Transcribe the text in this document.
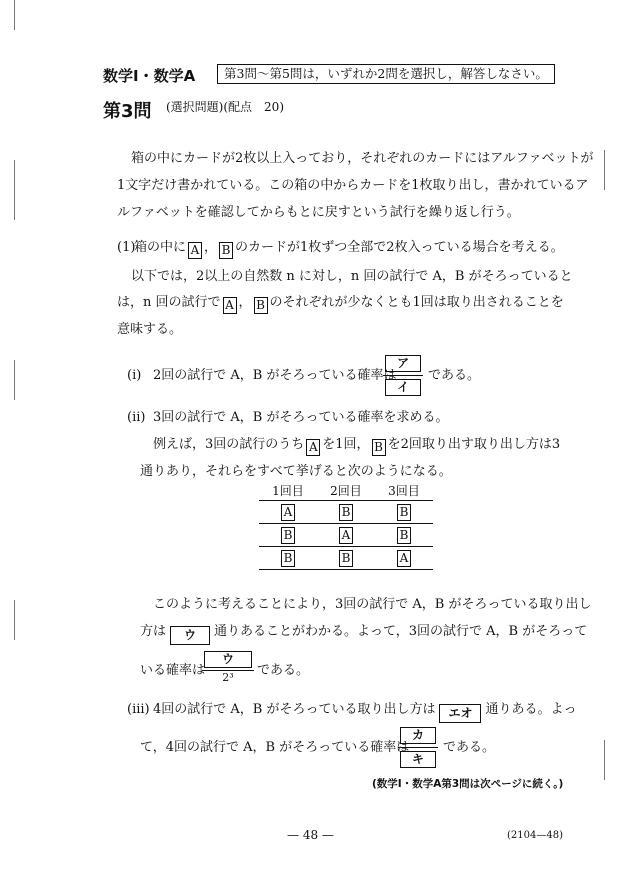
数学Ⅰ・数学A	第3問～第5問は，いずれか2問を選択し，解答しなさい。
第3問 (選択問題)(配点　20)
箱の中にカードが2枚以上入っており，それぞれのカードにはアルファベットが
1文字だけ書かれている。この箱の中からカードを1枚取り出し，書かれているア
ルファベットを確認してからもとに戻すという試行を繰り返し行う。
(1)
箱の中に A ， B のカードが1枚ずつ全部で2枚入っている場合を考える。
以下では，2以上の自然数 n に対し，n 回の試行で A，B がそろっていると
は，n 回の試行で A ， B のそれぞれが少なくとも1回は取り出されることを
意味する。
(i) 2回の試行で A，B がそろっている確率は
ア
イ
である。
(ii) 3回の試行で A，B がそろっている確率を求める。
例えば，3回の試行のうち A を1回， B を2回取り出す取り出し方は3
通りあり，それらをすべて挙げると次のようになる。
1回目	2回目	3回目
A	B	B
B	A	B
B	B	A
このように考えることにより，3回の試行で A，B がそろっている取り出し
方は ウ 通りあることがわかる。よって，3回の試行で A，B がそろって
いる確率は
ウ
2³	である。
(iii) 4回の試行で A，B がそろっている取り出し方は エオ 通りある。よっ
て，4回の試行で A，B がそろっている確率は
カ
キ
である。
(数学Ⅰ・数学A第3問は次ページに続く。)
— 48 —	(2104—48)
